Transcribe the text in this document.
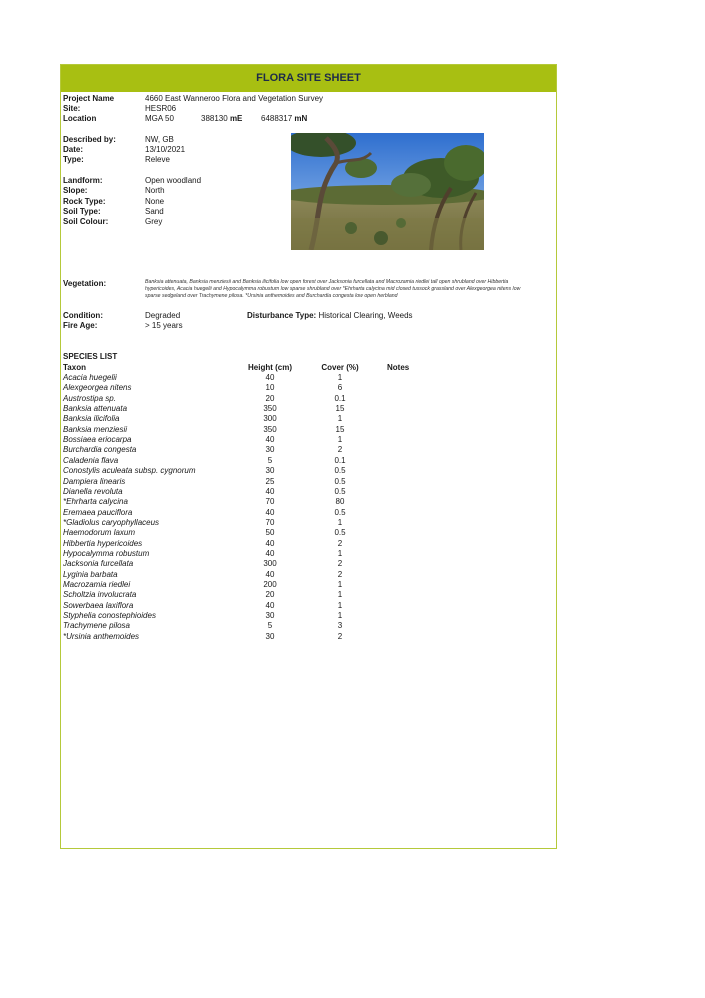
FLORA SITE SHEET
Project Name	4660 East Wanneroo Flora and Vegetation Survey
Site:	HESR06
Location	MGA 50	388130 mE 6488317 mN
Described by:	NW, GB
Date:	13/10/2021
Type:	Releve
Landform:	Open woodland
Slope:	North
Rock Type:	None
Soil Type:	Sand
Soil Colour:	Grey
Vegetation:	Banksia attenuata, Banksia menziesii and Banksia ilicifolia low open forest over Jacksonia furcellata and Macrozamia riedlei tall open shrubland over Hibbertia hypericoides, Acacia huegelii and Hypocalymma robustum low sparse shrubland over *Ehrharta calycina mid closed tussock grassland over Alexgeorgea nitens low sparse sedgeland over Trachymene pilosa. *Ursinia anthemoides and Burchardia congesta low open herbland
Condition:	Degraded	Disturbance Type: Historical Clearing, Weeds
Fire Age:	> 15 years
SPECIES LIST
Taxon	Height (cm)	Cover (%)	Notes
Acacia huegelii	40	1
Alexgeorgea nitens	10	6
Austrostipa sp.	20	0.1
Banksia attenuata	350	15
Banksia ilicifolia	300	1
Banksia menziesii	350	15
Bossiaea eriocarpa	40	1
Burchardia congesta	30	2
Caladenia flava	5	0.1
Conostylis aculeata subsp. cygnorum	30	0.5
Dampiera linearis	25	0.5
Dianella revoluta	40	0.5
*Ehrharta calycina	70	80
Eremaea pauciflora	40	0.5
*Gladiolus caryophyllaceus	70	1
Haemodorum laxum	50	0.5
Hibbertia hypericoides	40	2
Hypocalymma robustum	40	1
Jacksonia furcellata	300	2
Lyginia barbata	40	2
Macrozamia riedlei	200	1
Scholtzia involucrata	20	1
Sowerbaea laxiflora	40	1
Styphelia conostephioides	30	1
Trachymene pilosa	5	3
*Ursinia anthemoides	30	2
